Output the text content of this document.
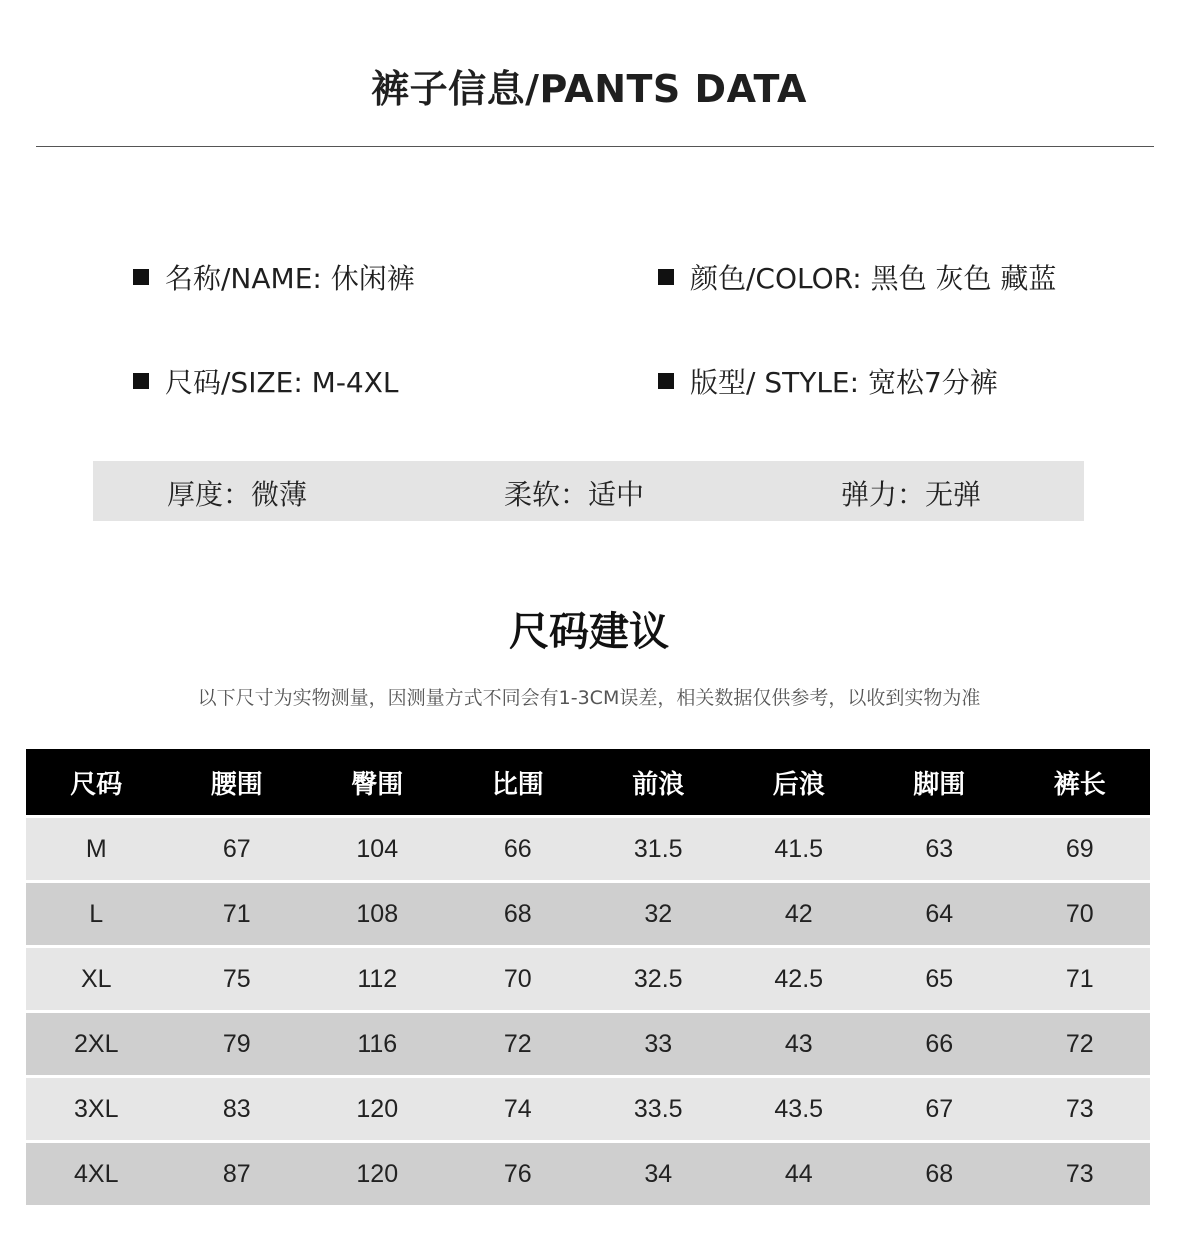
裤子信息/PANTS DATA
名称/NAME: 休闲裤	颜色/COLOR: 黑色 灰色 藏蓝
尺码/SIZE: M-4XL	版型/ STYLE: 宽松7分裤
厚度：微薄	柔软：适中	弹力：无弹
尺码建议
以下尺寸为实物测量，因测量方式不同会有1-3CM误差，相关数据仅供参考，以收到实物为准
尺码	腰围	臀围	比围	前浪	后浪	脚围	裤长
M	67	104	66	31.5	41.5	63	69
L	71	108	68	32	42	64	70
XL	75	112	70	32.5	42.5	65	71
2XL	79	116	72	33	43	66	72
3XL	83	120	74	33.5	43.5	67	73
4XL	87	120	76	34	44	68	73
